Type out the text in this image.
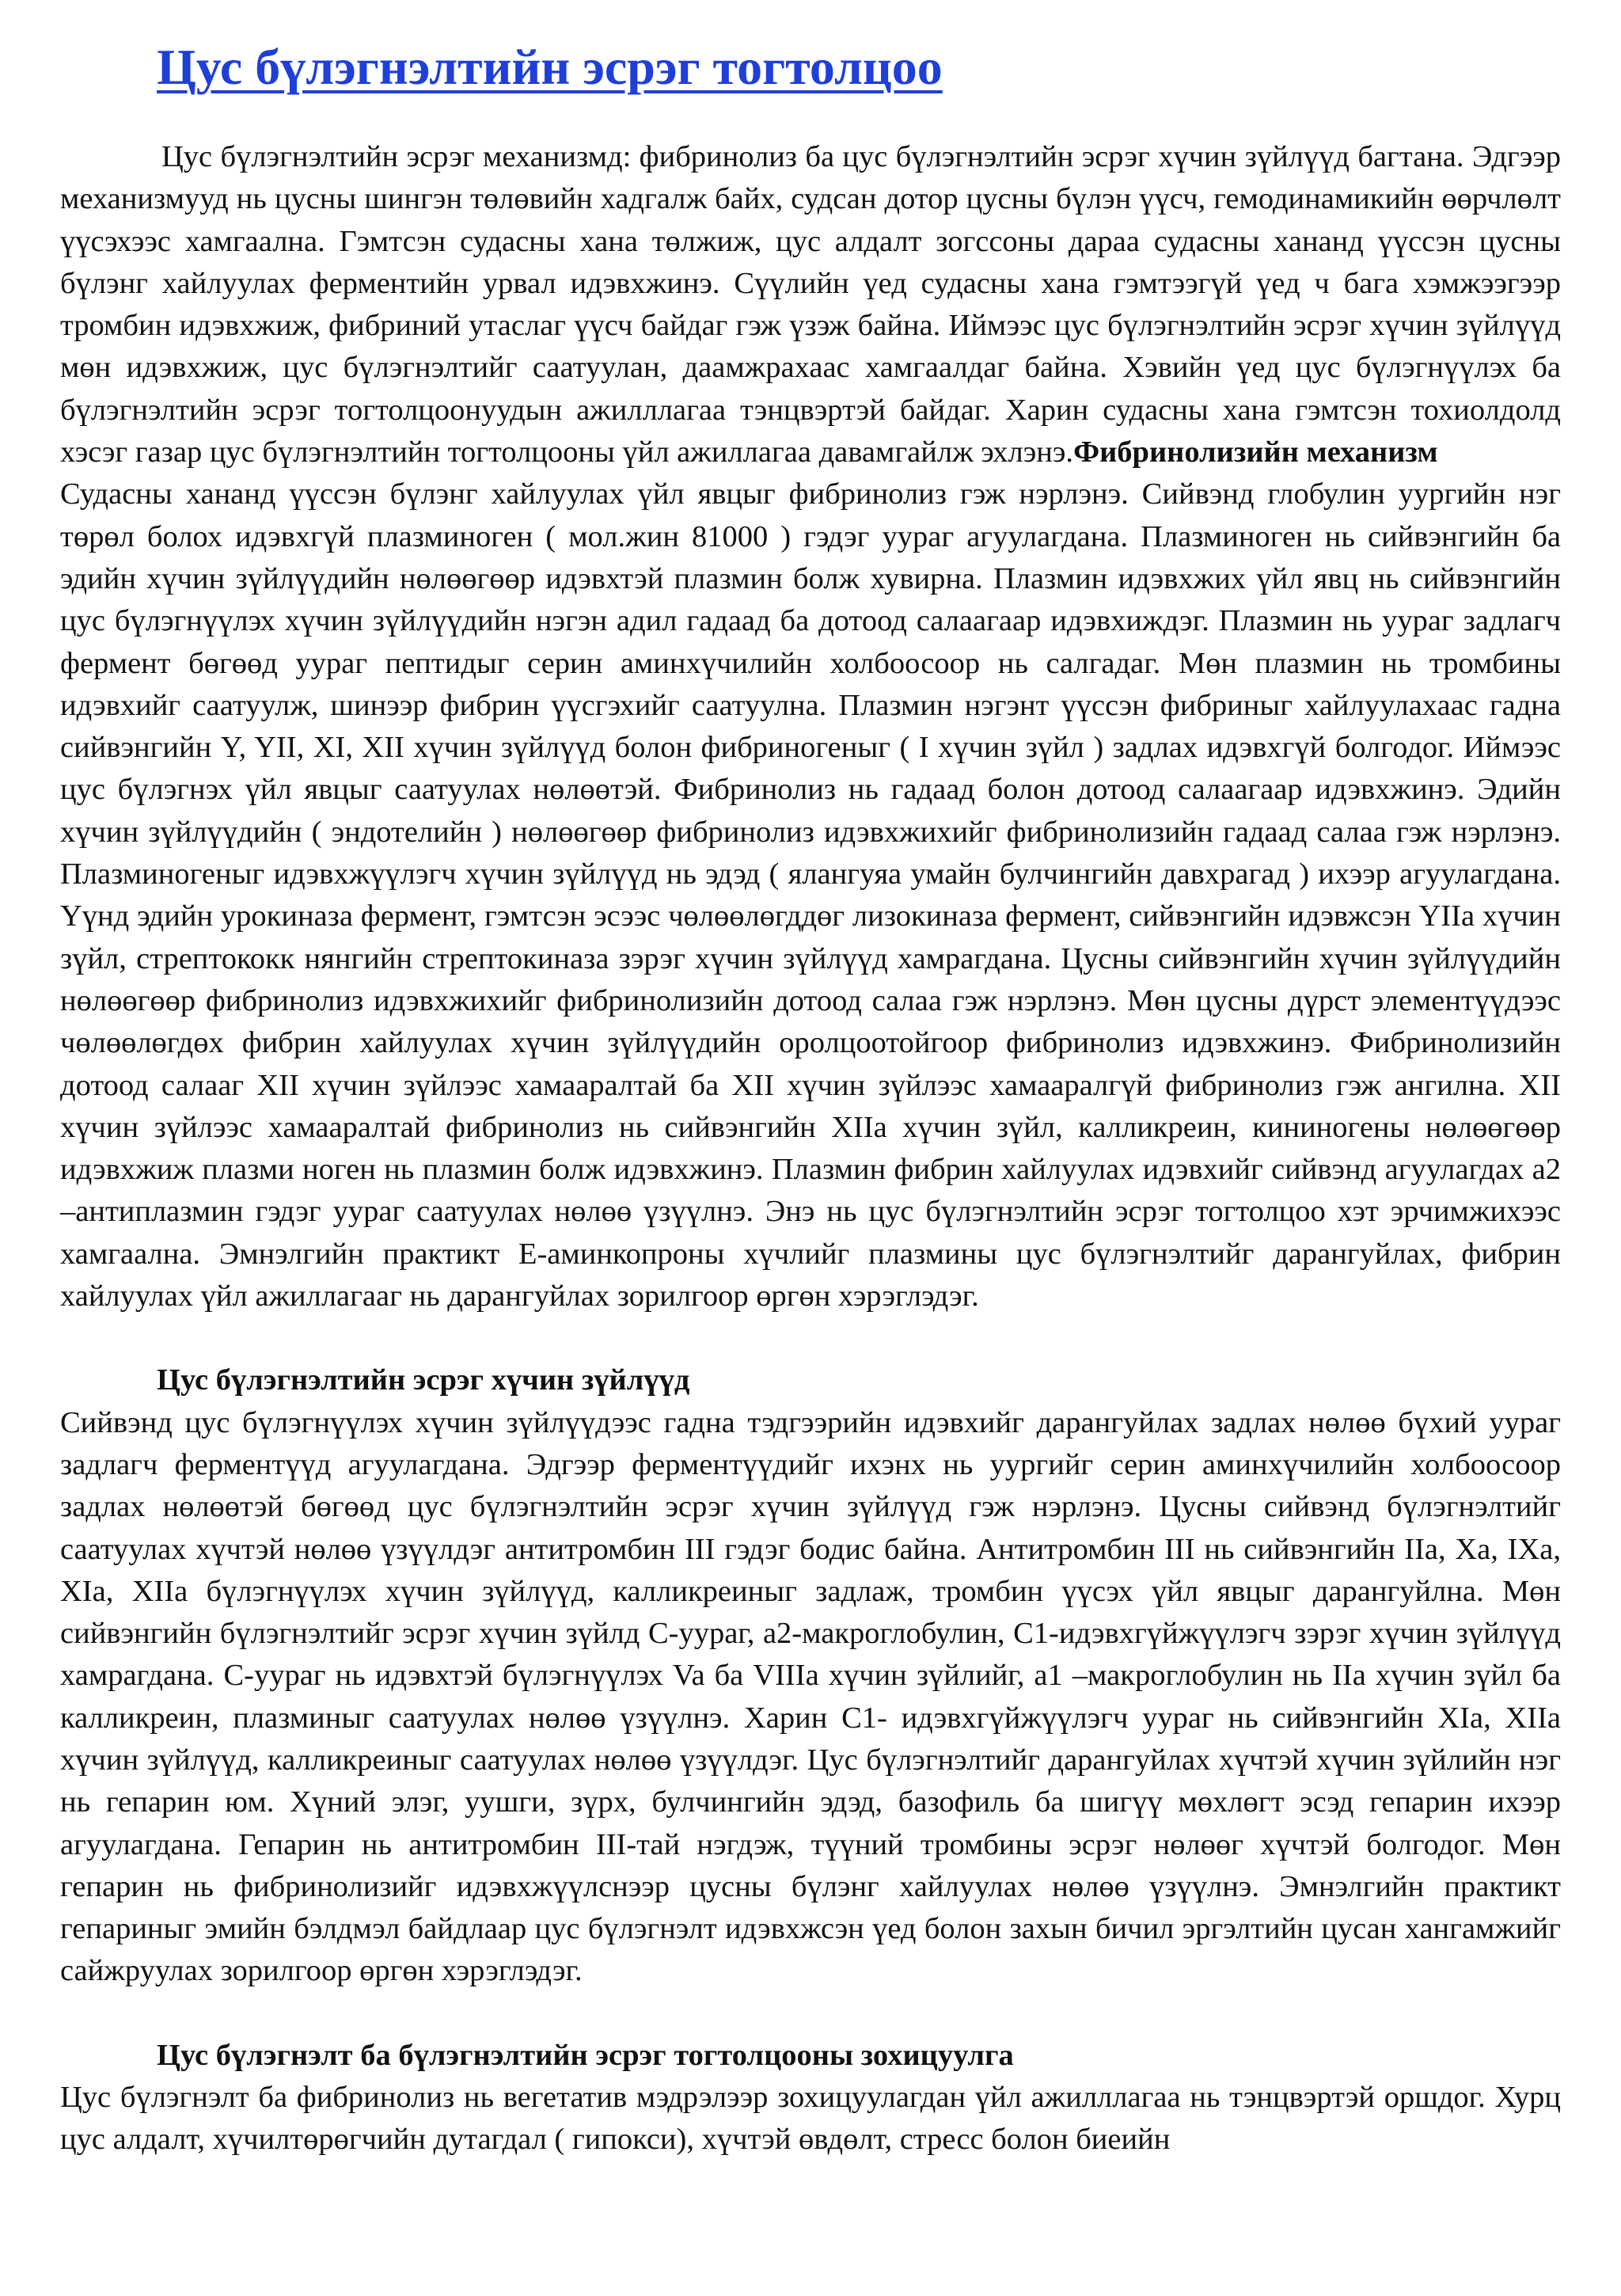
Цус бүлэгнэлтийн эсрэг тогтолцоо

Цус бүлэгнэлтийн эсрэг механизмд: фибринолиз ба цус бүлэгнэлтийн эсрэг хүчин зүйлүүд багтана. Эдгээр механизмууд нь цусны шингэн төлөвийн хадгалж байх, судсан дотор цусны бүлэн үүсч, гемодинамикийн өөрчлөлт үүсэхээс хамгаална. Гэмтсэн судасны хана төлжиж, цус алдалт зогссоны дараа судасны хананд үүссэн цусны бүлэнг хайлуулах ферментийн урвал идэвхжинэ. Сүүлийн үед судасны хана гэмтээгүй үед ч бага хэмжээгээр тромбин идэвхжиж, фибриний утаслаг үүсч байдаг гэж үзэж байна. Иймээс цус бүлэгнэлтийн эсрэг хүчин зүйлүүд мөн идэвхжиж, цус бүлэгнэлтийг саатуулан, даамжрахаас хамгаалдаг байна. Хэвийн үед цус бүлэгнүүлэх ба бүлэгнэлтийн эсрэг тогтолцоонуудын ажилллагаа тэнцвэртэй байдаг. Харин судасны хана гэмтсэн тохиолдолд хэсэг газар цус бүлэгнэлтийн тогтолцооны үйл ажиллагаа давамгайлж эхлэнэ.Фибринолизийн механизм

Судасны хананд үүссэн бүлэнг хайлуулах үйл явцыг фибринолиз гэж нэрлэнэ. Сийвэнд глобулин уургийн нэг төрөл болох идэвхгүй плазминоген ( мол.жин 81000 ) гэдэг уураг агуулагдана. Плазминоген нь сийвэнгийн ба эдийн хүчин зүйлүүдийн нөлөөгөөр идэвхтэй плазмин болж хувирна. Плазмин идэвхжих үйл явц нь сийвэнгийн цус бүлэгнүүлэх хүчин зүйлүүдийн нэгэн адил гадаад ба дотоод салаагаар идэвхиждэг. Плазмин нь уураг задлагч фермент бөгөөд уураг пептидыг серин аминхүчилийн холбоосоор нь салгадаг. Мөн плазмин нь тромбины идэвхийг саатуулж, шинээр фибрин үүсгэхийг саатуулна. Плазмин нэгэнт үүссэн фибриныг хайлуулахаас гадна сийвэнгийн Y, YII, XI, XII хүчин зүйлүүд болон фибриногеныг ( I хүчин зүйл ) задлах идэвхгүй болгодог. Иймээс цус бүлэгнэх үйл явцыг саатуулах нөлөөтэй. Фибринолиз нь гадаад болон дотоод салаагаар идэвхжинэ. Эдийн хүчин зүйлүүдийн ( эндотелийн ) нөлөөгөөр фибринолиз идэвхжихийг фибринолизийн гадаад салаа гэж нэрлэнэ. Плазминогеныг идэвхжүүлэгч хүчин зүйлүүд нь эдэд ( ялангуяа умайн булчингийн давхрагад ) ихээр агуулагдана. Үүнд эдийн урокиназа фермент, гэмтсэн эсээс чөлөөлөгддөг лизокиназа фермент, сийвэнгийн идэвжсэн YIIa хүчин зүйл, стрептококк нянгийн стрептокиназа зэрэг хүчин зүйлүүд хамрагдана. Цусны сийвэнгийн хүчин зүйлүүдийн нөлөөгөөр фибринолиз идэвхжихийг фибринолизийн дотоод салаа гэж нэрлэнэ. Мөн цусны дүрст элементүүдээс чөлөөлөгдөх фибрин хайлуулах хүчин зүйлүүдийн оролцоотойгоор фибринолиз идэвхжинэ. Фибринолизийн дотоод салааг XII хүчин зүйлээс хамааралтай ба XII хүчин зүйлээс хамааралгүй фибринолиз гэж ангилна. XII хүчин зүйлээс хамааралтай фибринолиз нь сийвэнгийн XIIa хүчин зүйл, калликреин, кининогены нөлөөгөөр идэвхжиж плазми ноген нь плазмин болж идэвхжинэ. Плазмин фибрин хайлуулах идэвхийг сийвэнд агуулагдах а2 –антиплазмин гэдэг уураг саатуулах нөлөө үзүүлнэ. Энэ нь цус бүлэгнэлтийн эсрэг тогтолцоо хэт эрчимжихээс хамгаална. Эмнэлгийн практикт Е-аминкопроны хүчлийг плазмины цус бүлэгнэлтийг дарангуйлах, фибрин хайлуулах үйл ажиллагааг нь дарангуйлах зорилгоор өргөн хэрэглэдэг.

Цус бүлэгнэлтийн эсрэг хүчин зүйлүүд

Сийвэнд цус бүлэгнүүлэх хүчин зүйлүүдээс гадна тэдгээрийн идэвхийг дарангуйлах задлах нөлөө бүхий уураг задлагч ферментүүд агуулагдана. Эдгээр ферментүүдийг ихэнх нь уургийг серин аминхүчилийн холбоосоор задлах нөлөөтэй бөгөөд цус бүлэгнэлтийн эсрэг хүчин зүйлүүд гэж нэрлэнэ. Цусны сийвэнд бүлэгнэлтийг саатуулах хүчтэй нөлөө үзүүлдэг антитромбин III гэдэг бодис байна. Антитромбин III нь сийвэнгийн IIa, Xa, IXa, XIa, XIIa бүлэгнүүлэх хүчин зүйлүүд, калликреиныг задлаж, тромбин үүсэх үйл явцыг дарангуйлна. Мөн сийвэнгийн бүлэгнэлтийг эсрэг хүчин зүйлд С-уураг, а2-макроглобулин, С1-идэвхгүйжүүлэгч зэрэг хүчин зүйлүүд хамрагдана. С-уураг нь идэвхтэй бүлэгнүүлэх Va ба VIIIa хүчин зүйлийг, а1 –макроглобулин нь IIa хүчин зүйл ба калликреин, плазминыг саатуулах нөлөө үзүүлнэ. Харин С1- идэвхгүйжүүлэгч уураг нь сийвэнгийн XIa, XIIa хүчин зүйлүүд, калликреиныг саатуулах нөлөө үзүүлдэг. Цус бүлэгнэлтийг дарангуйлах хүчтэй хүчин зүйлийн нэг нь гепарин юм. Хүний элэг, уушги, зүрх, булчингийн эдэд, базофиль ба шигүү мөхлөгт эсэд гепарин ихээр агуулагдана. Гепарин нь антитромбин III-тай нэгдэж, түүний тромбины эсрэг нөлөөг хүчтэй болгодог. Мөн гепарин нь фибринолизийг идэвхжүүлснээр цусны бүлэнг хайлуулах нөлөө үзүүлнэ. Эмнэлгийн практикт гепариныг эмийн бэлдмэл байдлаар цус бүлэгнэлт идэвхжсэн үед болон захын бичил эргэлтийн цусан хангамжийг сайжруулах зорилгоор өргөн хэрэглэдэг.

Цус бүлэгнэлт ба бүлэгнэлтийн эсрэг тогтолцооны зохицуулга

Цус бүлэгнэлт ба фибринолиз нь вегетатив мэдрэлээр зохицуулагдан үйл ажилллагаа нь тэнцвэртэй оршдог. Хурц цус алдалт, хүчилтөрөгчийн дутагдал ( гипокси), хүчтэй өвдөлт, стресс болон биеийн
